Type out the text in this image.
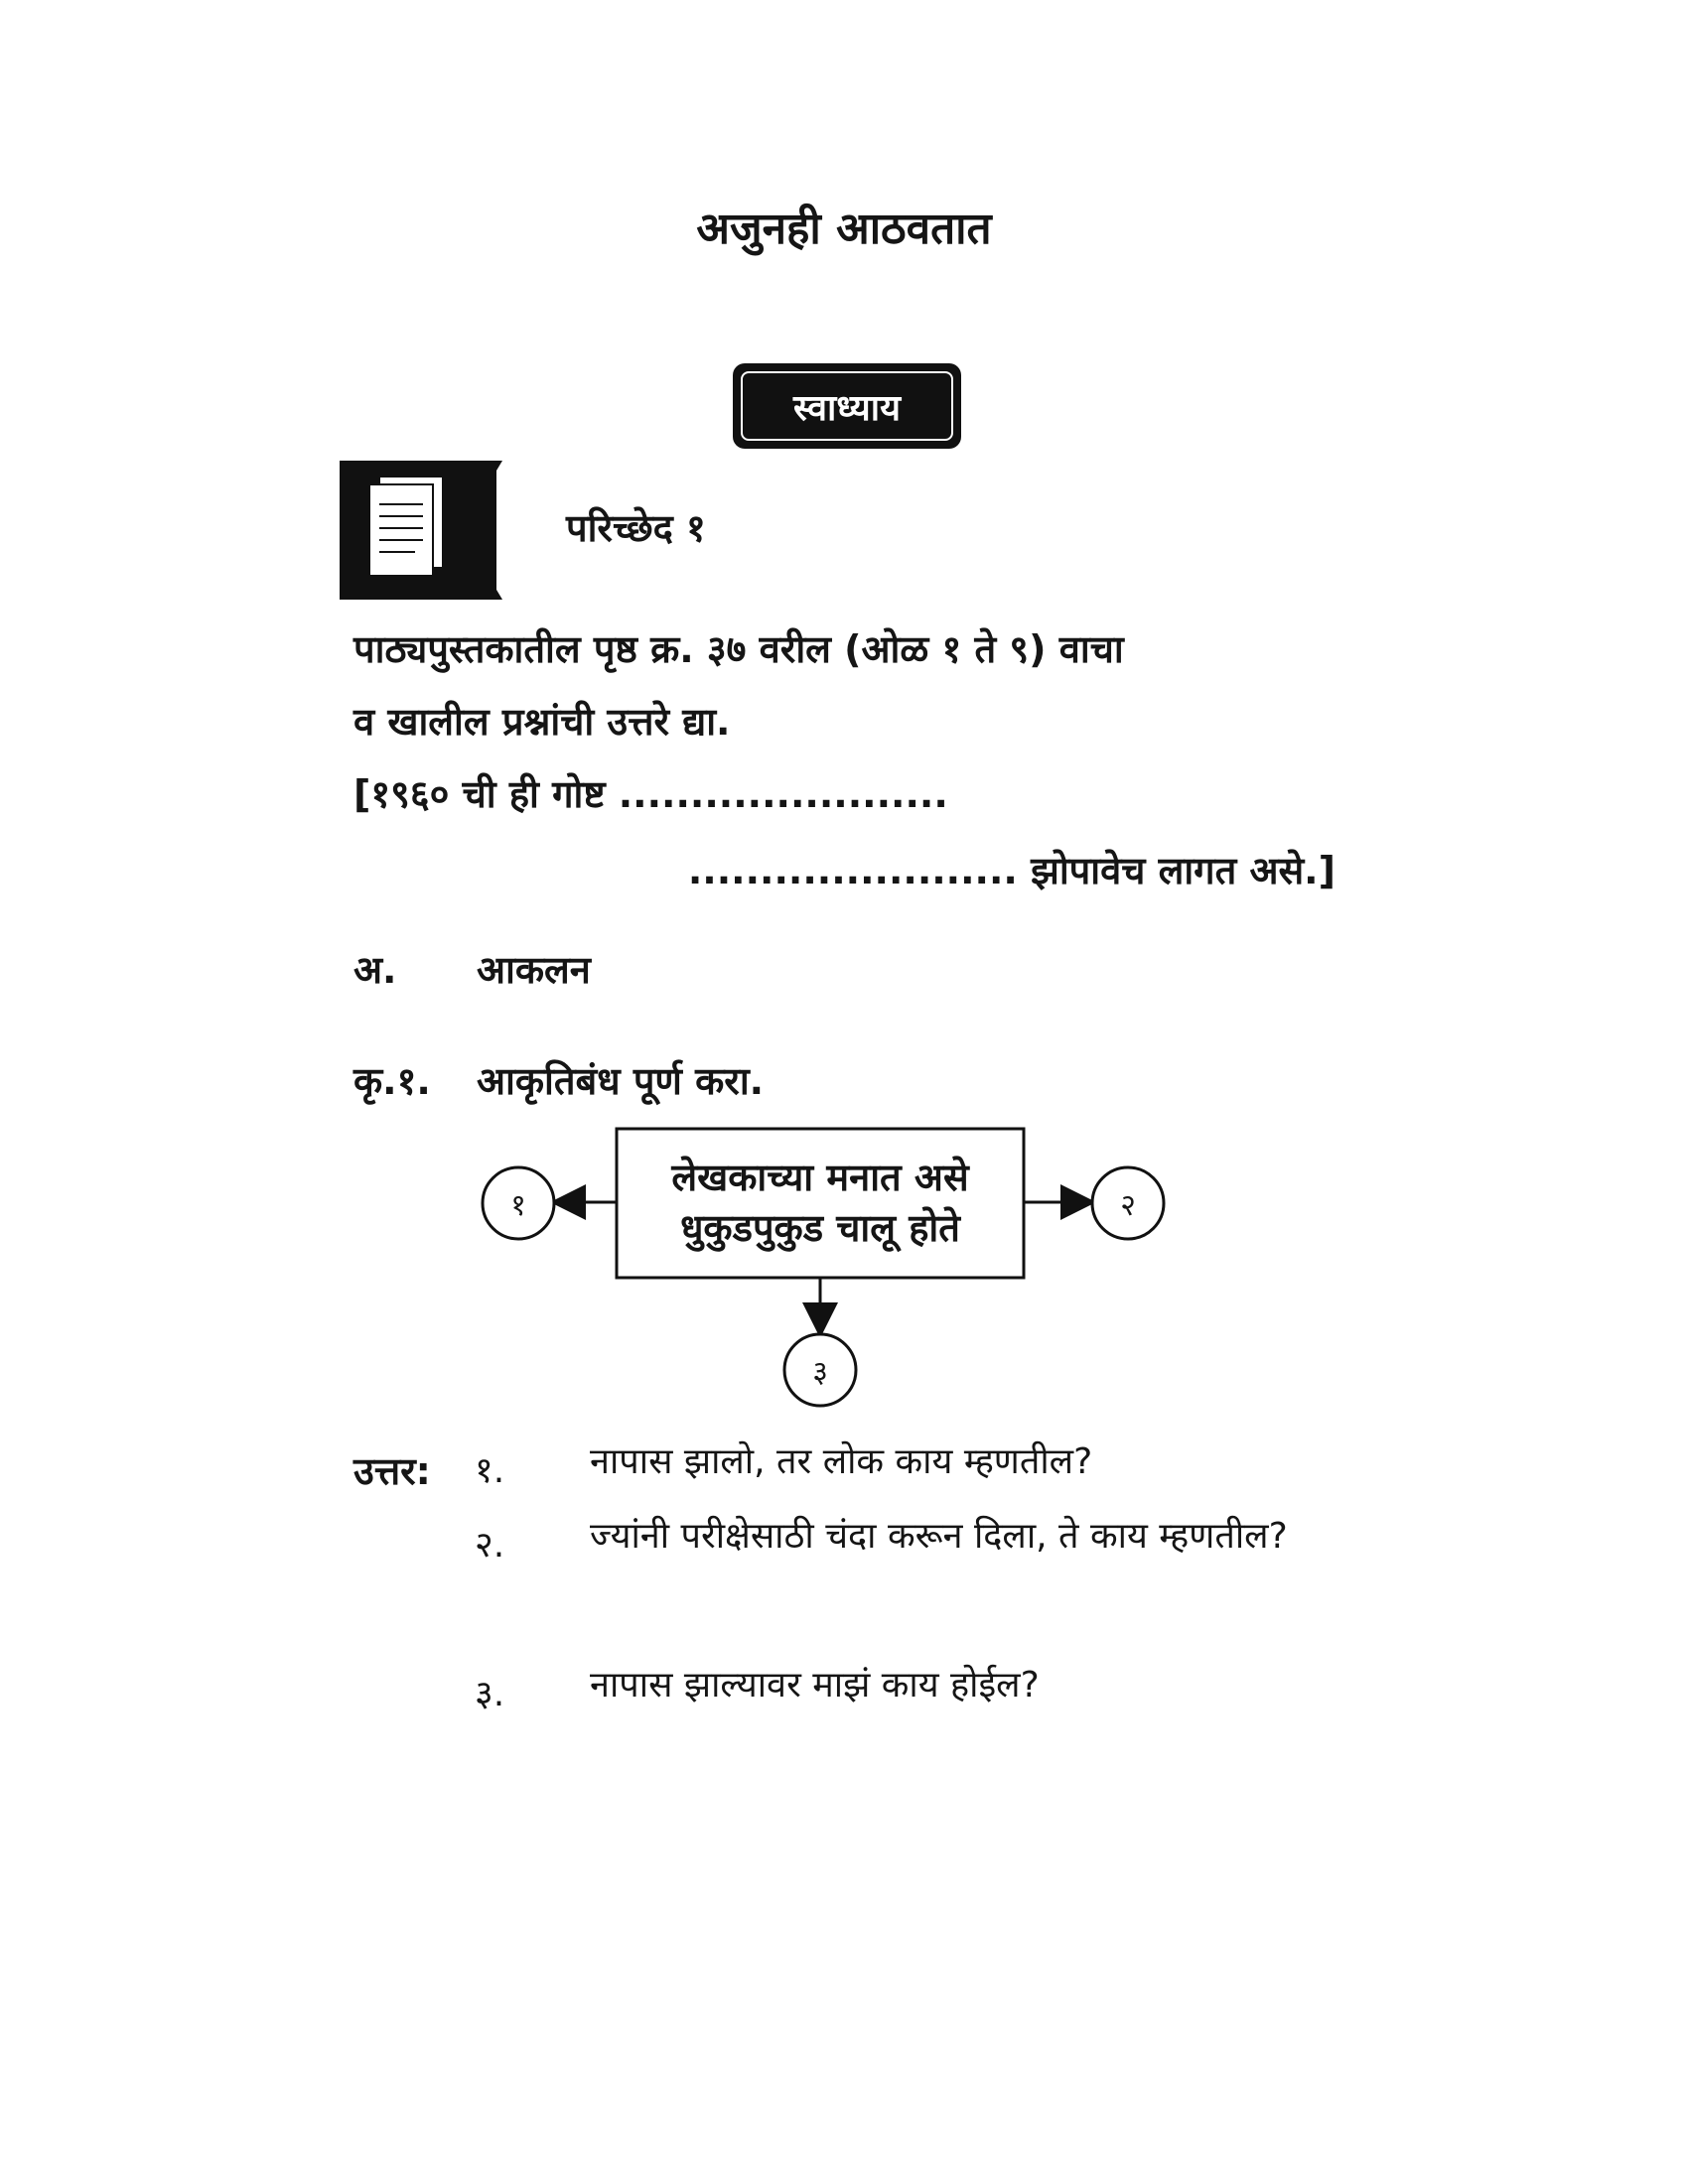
अजुनही आठवतात
स्वाध्याय
परिच्छेद १
पाठ्यपुस्तकातील पृष्ठ क्र. ३७ वरील (ओळ १ ते ९) वाचा
व खालील प्रश्नांची उत्तरे द्या.
[१९६० ची ही गोष्ट .......................
....................... झोपावेच लागत असे.]
अ. आकलन
कृ.१. आकृतिबंध पूर्ण करा.
लेखकाच्या मनात असे
धुकुडपुकुड चालू होते
१	२
३
उत्तर: १. नापास झालो, तर लोक काय म्हणतील?
२. ज्यांनी परीक्षेसाठी चंदा करून दिला, ते काय म्हणतील?
३. नापास झाल्यावर माझं काय होईल?
